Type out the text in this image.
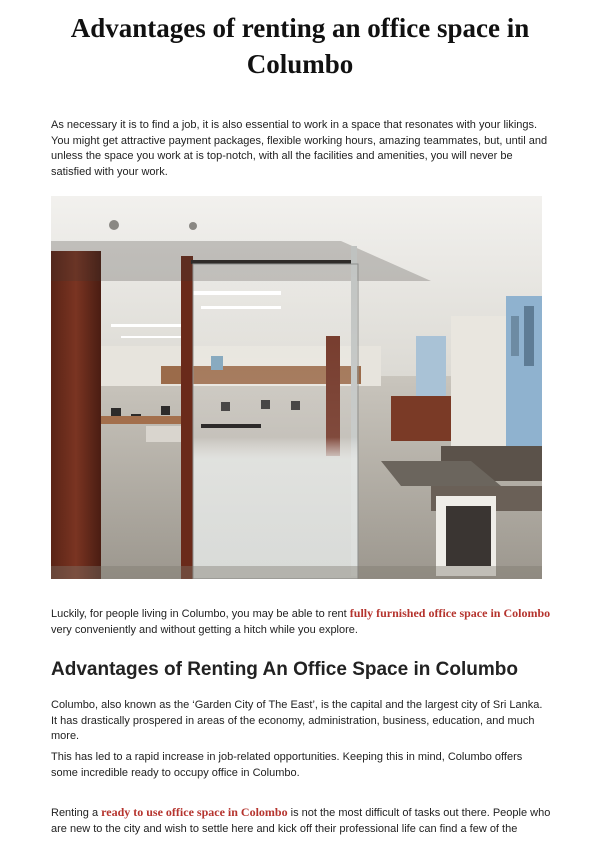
Advantages of renting an office space in Columbo

As necessary it is to find a job, it is also essential to work in a space that resonates with your likings. You might get attractive payment packages, flexible working hours, amazing teammates, but, until and unless the space you work at is top-notch, with all the facilities and amenities, you will never be satisfied with your work.

Luckily, for people living in Columbo, you may be able to rent fully furnished office space in Colombo very conveniently and without getting a hitch while you explore.

Advantages of Renting An Office Space in Columbo

Columbo, also known as the ‘Garden City of The East’, is the capital and the largest city of Sri Lanka. It has drastically prospered in areas of the economy, administration, business, education, and much more.

This has led to a rapid increase in job-related opportunities. Keeping this in mind, Columbo offers some incredible ready to occupy office in Columbo.

Renting a ready to use office space in Colombo is not the most difficult of tasks out there. People who are new to the city and wish to settle here and kick off their professional life can find a few of the
